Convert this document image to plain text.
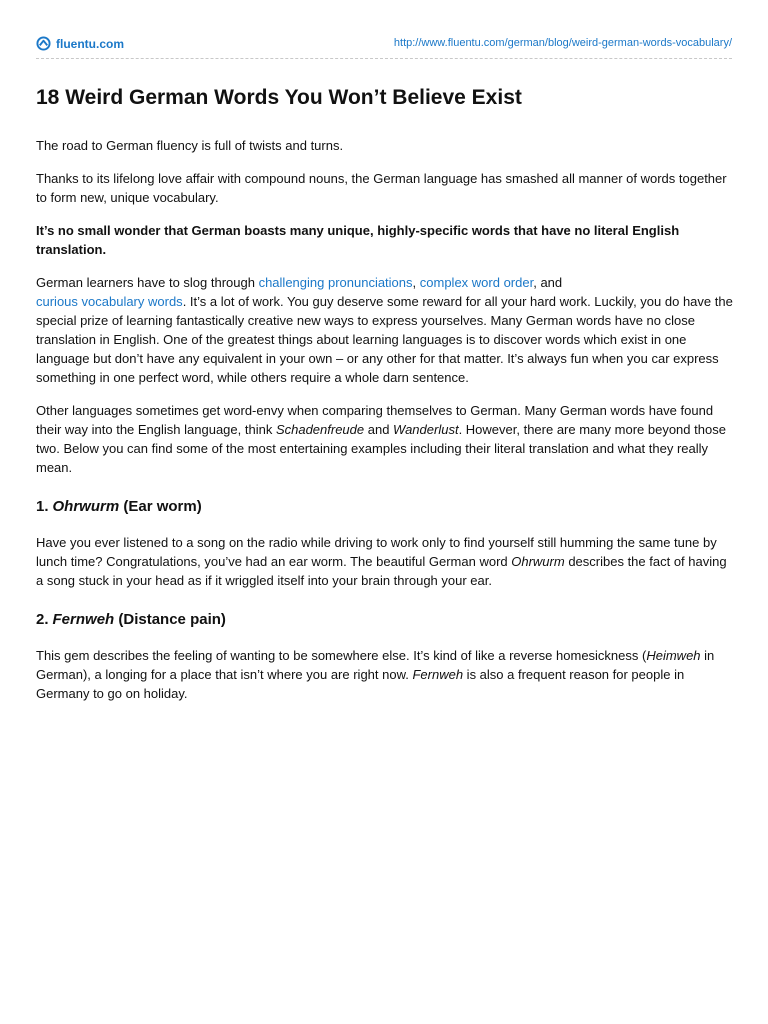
fluentu.com	http://www.fluentu.com/german/blog/weird-german-words-vocabulary/
18 Weird German Words You Won’t Believe Exist

The road to German fluency is full of twists and turns.

Thanks to its lifelong love affair with compound nouns, the German language has smashed all manner of words together to form new, unique vocabulary.

It’s no small wonder that German boasts many unique, highly-specific words that have no literal English translation.

German learners have to slog through challenging pronunciations, complex word order, and
curious vocabulary words. It’s a lot of work. You guy deserve some reward for all your hard work. Luckily, you do have the special prize of learning fantastically creative new ways to express yourselves. Many German words have no close translation in English. One of the greatest things about learning languages is to discover words which exist in one language but don’t have any equivalent in your own – or any other for that matter. It’s always fun when you car express something in one perfect word, while others require a whole darn sentence.

Other languages sometimes get word-envy when comparing themselves to German. Many German words have found their way into the English language, think Schadenfreude and Wanderlust. However, there are many more beyond those two. Below you can find some of the most entertaining examples including their literal translation and what they really mean.

1. Ohrwurm (Ear worm)

Have you ever listened to a song on the radio while driving to work only to find yourself still humming the same tune by lunch time? Congratulations, you’ve had an ear worm. The beautiful German word Ohrwurm describes the fact of having a song stuck in your head as if it wriggled itself into your brain through your ear.

2. Fernweh (Distance pain)

This gem describes the feeling of wanting to be somewhere else. It’s kind of like a reverse homesickness (Heimweh in German), a longing for a place that isn’t where you are right now. Fernweh is also a frequent reason for people in Germany to go on holiday.
